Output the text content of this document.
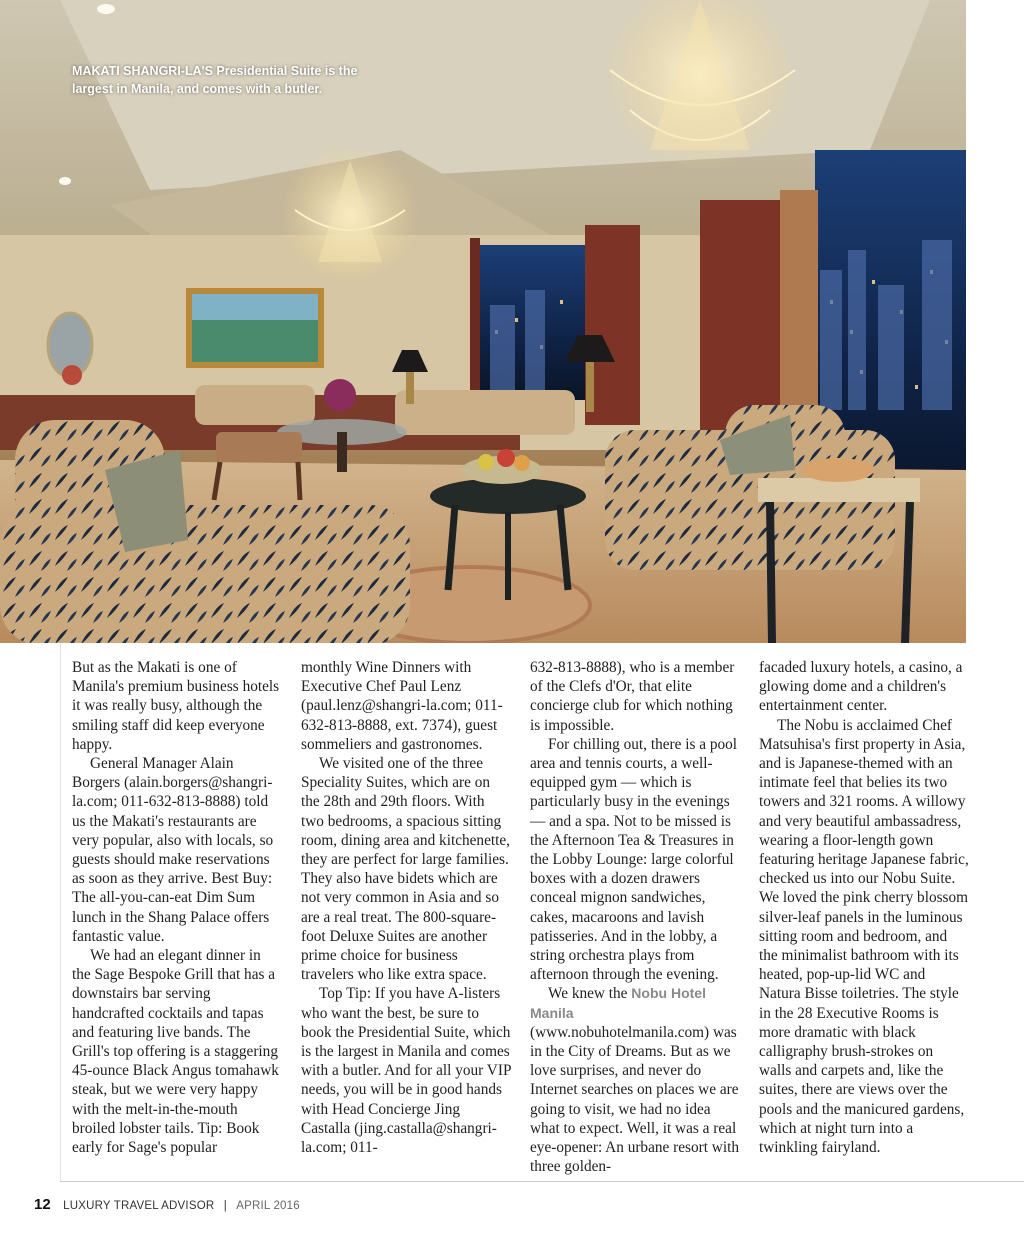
MAKATI SHANGRI-LA'S Presidential Suite is the largest in Manila, and comes with a butler.

But as the Makati is one of Manila's premium business hotels it was really busy, although the smiling staff did keep everyone happy.

General Manager Alain Borgers (alain.borgers@shangri-la.com; 011-632-813-8888) told us the Makati's restaurants are very popular, also with locals, so guests should make reservations as soon as they arrive. Best Buy: The all-you-can-eat Dim Sum lunch in the Shang Palace offers fantastic value.

We had an elegant dinner in the Sage Bespoke Grill that has a downstairs bar serving handcrafted cocktails and tapas and featuring live bands. The Grill's top offering is a staggering 45-ounce Black Angus tomahawk steak, but we were very happy with the melt-in-the-mouth broiled lobster tails. Tip: Book early for Sage's popular

monthly Wine Dinners with Executive Chef Paul Lenz (paul.lenz@shangri-la.com; 011-632-813-8888, ext. 7374), guest sommeliers and gastronomes.

We visited one of the three Speciality Suites, which are on the 28th and 29th floors. With two bedrooms, a spacious sitting room, dining area and kitchenette, they are perfect for large families. They also have bidets which are not very common in Asia and so are a real treat. The 800-square-foot Deluxe Suites are another prime choice for business travelers who like extra space.

Top Tip: If you have A-listers who want the best, be sure to book the Presidential Suite, which is the largest in Manila and comes with a butler. And for all your VIP needs, you will be in good hands with Head Concierge Jing Castalla (jing.castalla@shangri-la.com; 011-

632-813-8888), who is a member of the Clefs d'Or, that elite concierge club for which nothing is impossible.

For chilling out, there is a pool area and tennis courts, a well-equipped gym — which is particularly busy in the evenings — and a spa. Not to be missed is the Afternoon Tea & Treasures in the Lobby Lounge: large colorful boxes with a dozen drawers conceal mignon sandwiches, cakes, macaroons and lavish patisseries. And in the lobby, a string orchestra plays from afternoon through the evening.

We knew the Nobu Hotel Manila (www.nobuhotelmanila.com) was in the City of Dreams. But as we love surprises, and never do Internet searches on places we are going to visit, we had no idea what to expect. Well, it was a real eye-opener: An urbane resort with three golden-

facaded luxury hotels, a casino, a glowing dome and a children's entertainment center.

The Nobu is acclaimed Chef Matsuhisa's first property in Asia, and is Japanese-themed with an intimate feel that belies its two towers and 321 rooms. A willowy and very beautiful ambassadress, wearing a floor-length gown featuring heritage Japanese fabric, checked us into our Nobu Suite. We loved the pink cherry blossom silver-leaf panels in the luminous sitting room and bedroom, and the minimalist bathroom with its heated, pop-up-lid WC and Natura Bisse toiletries. The style in the 28 Executive Rooms is more dramatic with black calligraphy brush-strokes on walls and carpets and, like the suites, there are views over the pools and the manicured gardens, which at night turn into a twinkling fairyland.

12 LUXURY TRAVEL ADVISOR | APRIL 2016
